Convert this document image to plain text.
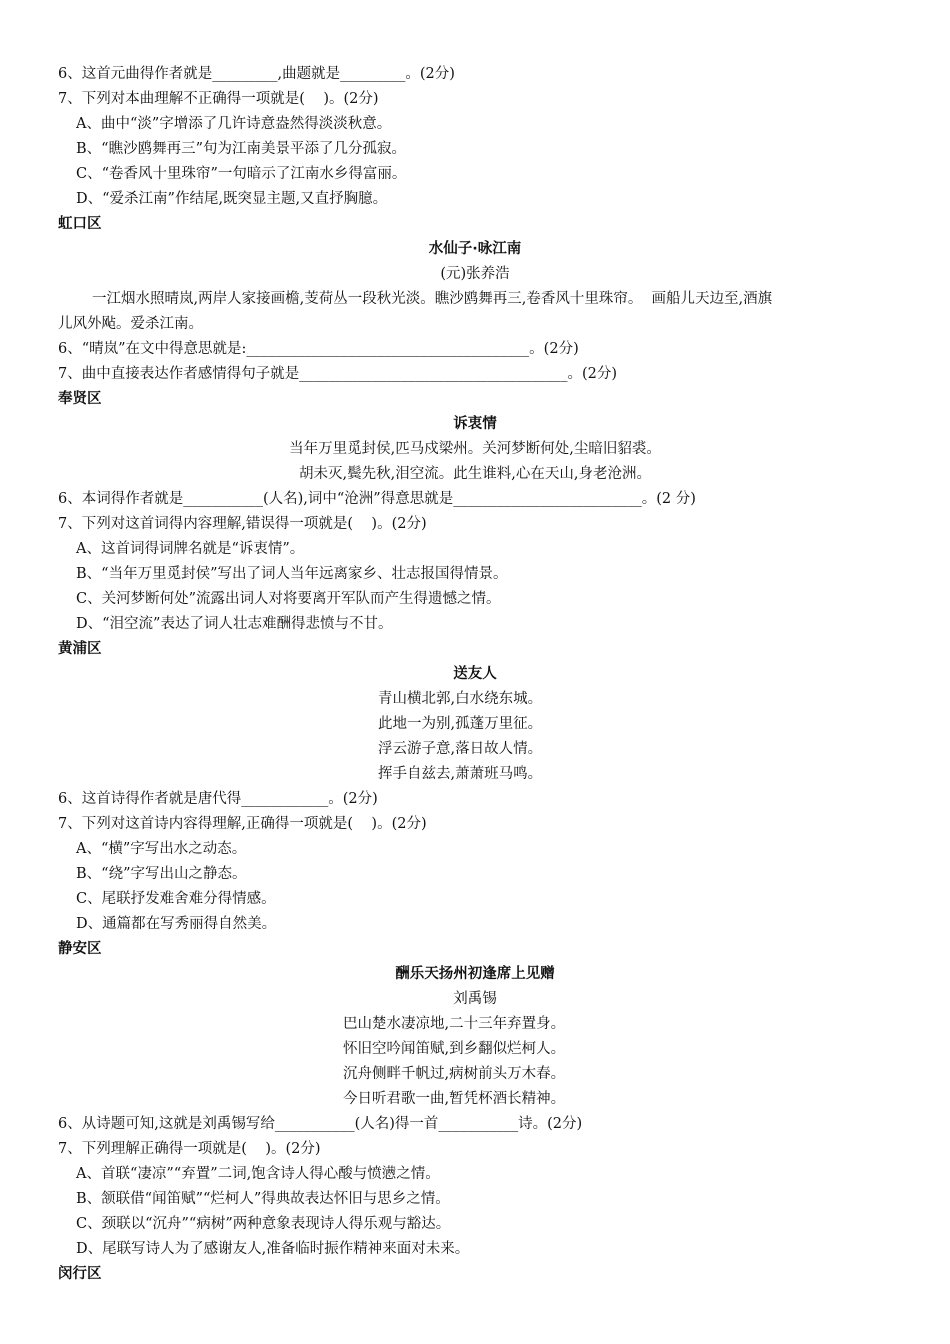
6、这首元曲得作者就是_________,曲题就是_________。(2分)
7、下列对本曲理解不正确得一项就是(    )。(2分)
A、曲中“淡”字增添了几许诗意盎然得淡淡秋意。
B、“瞧沙鸥舞再三”句为江南美景平添了几分孤寂。
C、“卷香风十里珠帘”一句暗示了江南水乡得富丽。
D、“爱杀江南”作结尾,既突显主题,又直抒胸臆。
虹口区
水仙子·咏江南
(元)张养浩
一江烟水照晴岚,两岸人家接画檐,芰荷丛一段秋光淡。瞧沙鸥舞再三,卷香风十里珠帘。  画船儿天边至,酒旗
儿风外飐。爱杀江南。
6、“晴岚”在文中得意思就是:_______________________________________。(2分)
7、曲中直接表达作者感情得句子就是_____________________________________。(2分)
奉贤区
诉衷情
当年万里觅封侯,匹马戍梁州。关河梦断何处,尘暗旧貂裘。
胡未灭,鬓先秋,泪空流。此生谁料,心在天山,身老沧洲。
6、本词得作者就是___________(人名),词中“沧洲”得意思就是__________________________。(2 分)
7、下列对这首词得内容理解,错误得一项就是(    )。(2分)
A、这首词得词牌名就是“诉衷情”。
B、“当年万里觅封侯”写出了词人当年远离家乡、壮志报国得情景。
C、关河梦断何处”流露出词人对将要离开军队而产生得遗憾之情。
D、“泪空流”表达了词人壮志难酬得悲愤与不甘。
黄浦区
送友人
青山横北郭,白水绕东城。
此地一为别,孤蓬万里征。
浮云游子意,落日故人情。
挥手自兹去,萧萧班马鸣。
6、这首诗得作者就是唐代得____________。(2分)
7、下列对这首诗内容得理解,正确得一项就是(    )。(2分)
A、“横”字写出水之动态。
B、“绕”字写出山之静态。
C、尾联抒发难舍难分得情感。
D、通篇都在写秀丽得自然美。
静安区
酬乐天扬州初逢席上见赠
刘禹锡
巴山楚水凄凉地,二十三年弃置身。
怀旧空吟闻笛赋,到乡翻似烂柯人。
沉舟侧畔千帆过,病树前头万木春。
今日听君歌一曲,暂凭杯酒长精神。
6、从诗题可知,这就是刘禹锡写给___________(人名)得一首___________诗。(2分)
7、下列理解正确得一项就是(    )。(2分)
A、首联“凄凉”“弃置”二词,饱含诗人得心酸与愤懑之情。
B、颔联借“闻笛赋”“烂柯人”得典故表达怀旧与思乡之情。
C、颈联以“沉舟”“病树”两种意象表现诗人得乐观与豁达。
D、尾联写诗人为了感谢友人,准备临时振作精神来面对未来。
闵行区
